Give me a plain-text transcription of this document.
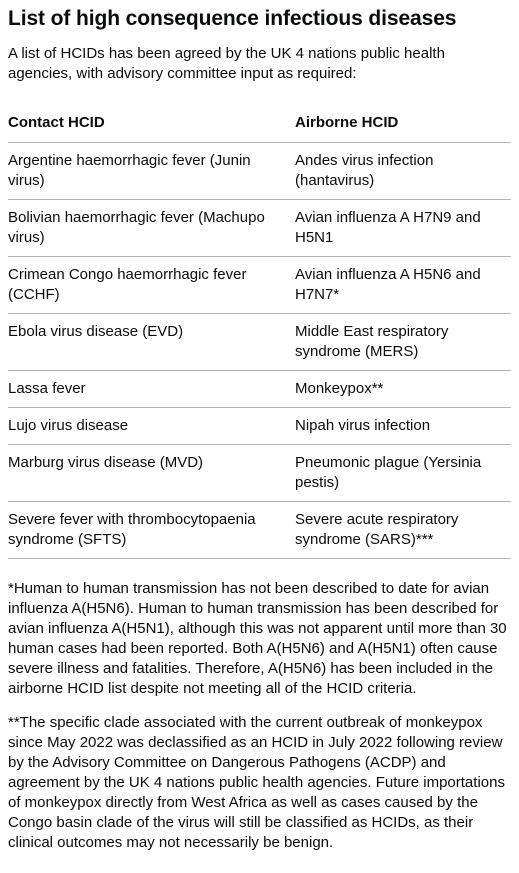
List of high consequence infectious diseases

A list of HCIDs has been agreed by the UK 4 nations public health agencies, with advisory committee input as required:

Contact HCID	Airborne HCID
Argentine haemorrhagic fever (Junin virus)	Andes virus infection (hantavirus)
Bolivian haemorrhagic fever (Machupo virus)	Avian influenza A H7N9 and H5N1
Crimean Congo haemorrhagic fever (CCHF)	Avian influenza A H5N6 and H7N7*
Ebola virus disease (EVD)	Middle East respiratory syndrome (MERS)
Lassa fever	Monkeypox**
Lujo virus disease	Nipah virus infection
Marburg virus disease (MVD)	Pneumonic plague (Yersinia pestis)
Severe fever with thrombocytopaenia syndrome (SFTS)	Severe acute respiratory syndrome (SARS)***

*Human to human transmission has not been described to date for avian influenza A(H5N6). Human to human transmission has been described for avian influenza A(H5N1), although this was not apparent until more than 30 human cases had been reported. Both A(H5N6) and A(H5N1) often cause severe illness and fatalities. Therefore, A(H5N6) has been included in the airborne HCID list despite not meeting all of the HCID criteria.

**The specific clade associated with the current outbreak of monkeypox since May 2022 was declassified as an HCID in July 2022 following review by the Advisory Committee on Dangerous Pathogens (ACDP) and agreement by the UK 4 nations public health agencies. Future importations of monkeypox directly from West Africa as well as cases caused by the Congo basin clade of the virus will still be classified as HCIDs, as their clinical outcomes may not necessarily be benign.
